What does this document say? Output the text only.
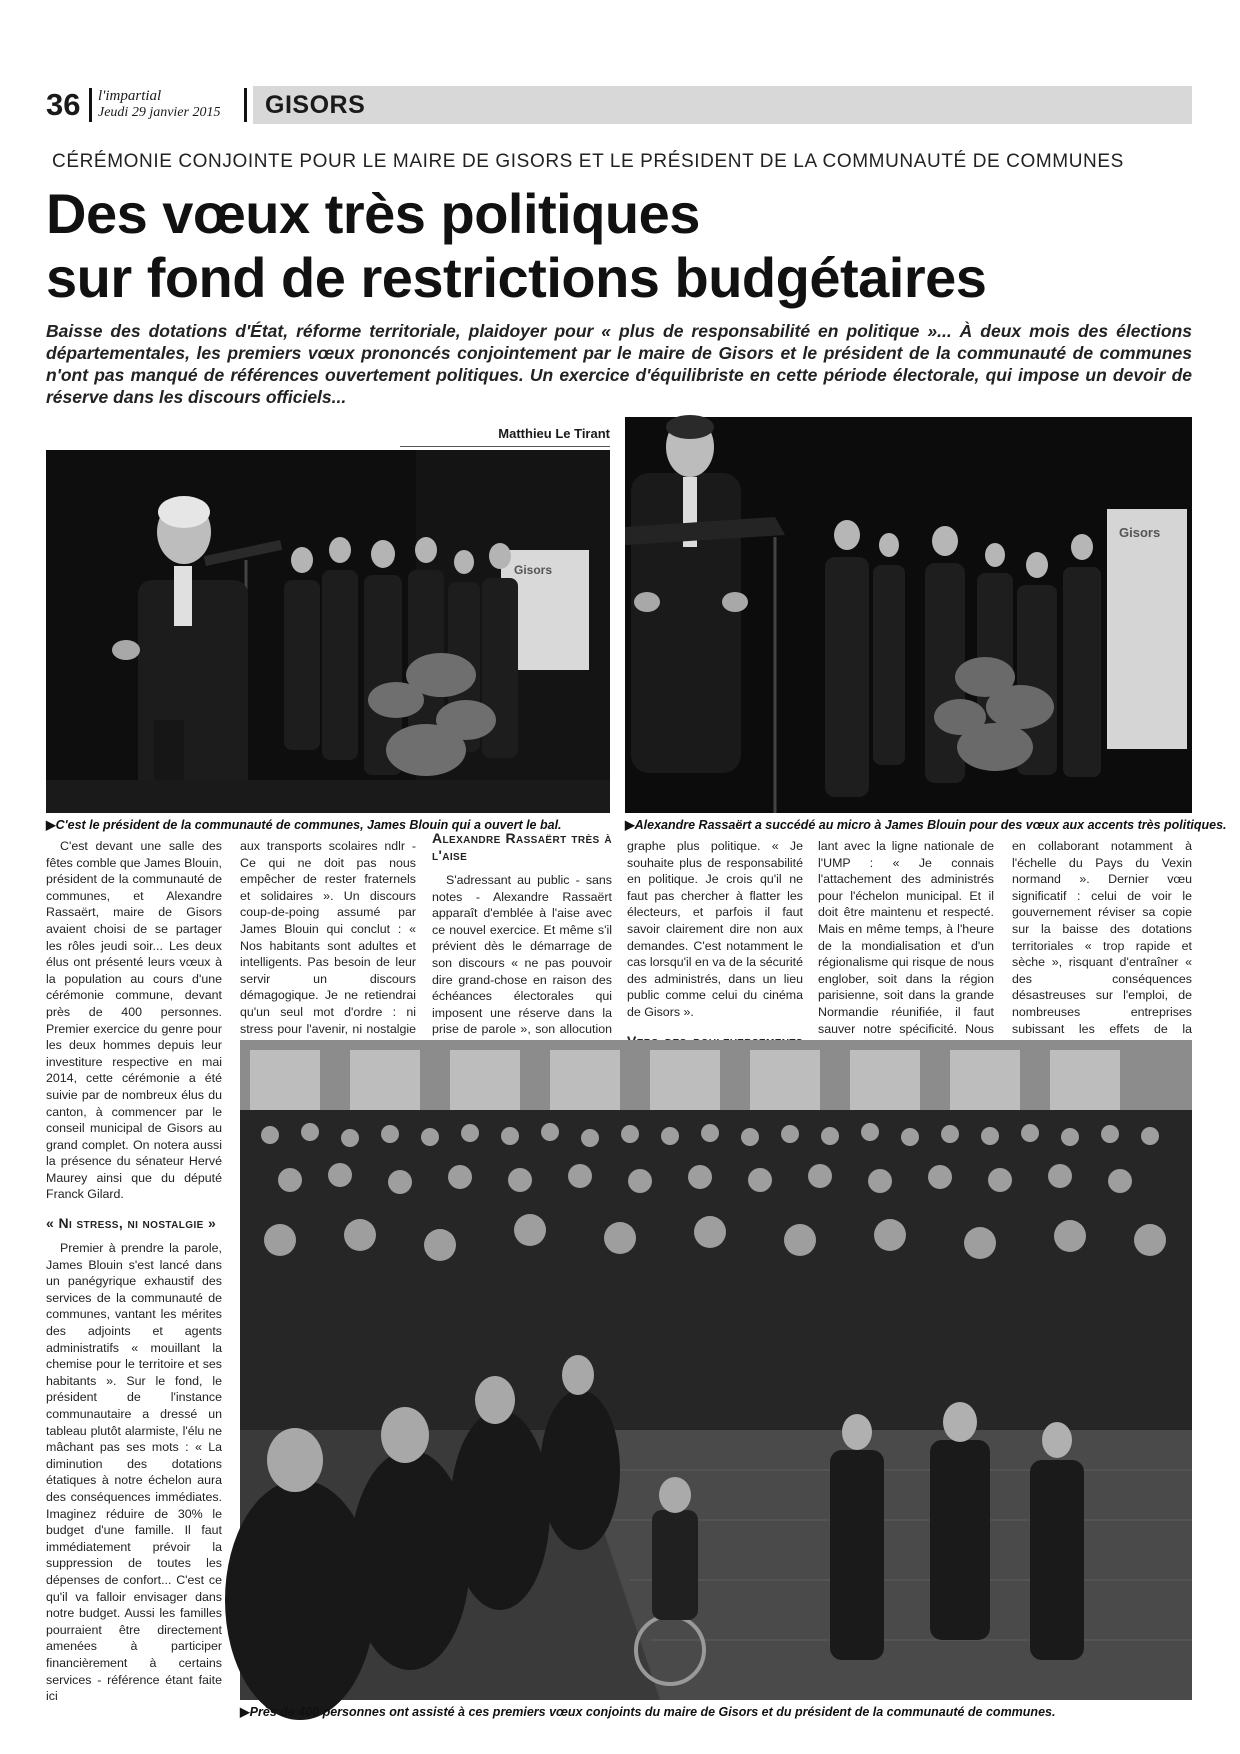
36 l'impartial
Jeudi 29 janvier 2015 GISORS
CÉRÉMONIE CONJOINTE POUR LE MAIRE DE GISORS ET LE PRÉSIDENT DE LA COMMUNAUTÉ DE COMMUNES
Des vœux très politiques
sur fond de restrictions budgétaires
Baisse des dotations d'État, réforme territoriale, plaidoyer pour « plus de responsabilité en politique »... À deux mois des élections départementales, les premiers vœux prononcés conjointement par le maire de Gisors et le président de la communauté de communes n'ont pas manqué de références ouvertement politiques. Un exercice d'équilibriste en cette période électorale, qui impose un devoir de réserve dans les discours officiels...
Matthieu Le Tirant
Gisors
▶C'est le président de la communauté de communes, James Blouin qui a ouvert le bal.
Gisors
▶Alexandre Rassaërt a succédé au micro à James Blouin pour des vœux aux accents très politiques.

C'est devant une salle des fêtes comble que James Blouin, président de la communauté de communes, et Alexandre Rassaërt, maire de Gisors avaient choisi de se partager les rôles jeudi soir... Les deux élus ont présenté leurs vœux à la population au cours d'une cérémonie commune, devant près de 400 personnes. Premier exercice du genre pour les deux hommes depuis leur investiture respective en mai 2014, cette cérémonie a été suivie par de nombreux élus du canton, à commencer par le conseil municipal de Gisors au grand complet. On notera aussi la présence du sénateur Hervé Maurey ainsi que du député Franck Gilard.

« Ni stress, ni nostalgie »

Premier à prendre la parole, James Blouin s'est lancé dans un panégyrique exhaustif des services de la communauté de communes, vantant les mérites des adjoints et agents administratifs « mouillant la chemise pour le territoire et ses habitants ». Sur le fond, le président de l'instance communautaire a dressé un tableau plutôt alarmiste, l'élu ne mâchant pas ses mots : « La diminution des dotations étatiques à notre échelon aura des conséquences immédiates. Imaginez réduire de 30% le budget d'une famille. Il faut immédiatement prévoir la suppression de toutes les dépenses de confort... C'est ce qu'il va falloir envisager dans notre budget. Aussi les familles pourraient être directement amenées à participer financièrement à certains services - référence étant faite ici

aux transports scolaires ndlr - Ce qui ne doit pas nous empêcher de rester fraternels et solidaires ». Un discours coup-de-poing assumé par James Blouin qui conclut : « Nos habitants sont adultes et intelligents. Pas besoin de leur servir un discours démagogique. Je ne retiendrai qu'un seul mot d'ordre : ni stress pour l'avenir, ni nostalgie

Alexandre Rassaërt très à l'aise

S'adressant au public - sans notes - Alexandre Rassaërt apparaît d'emblée à l'aise avec ce nouvel exercice. Et même s'il prévient dès le démarrage de son discours « ne pas pouvoir dire grand-chose en raison des échéances électorales qui imposent une réserve dans la prise de parole », son allocution

graphe plus politique. « Je souhaite plus de responsabilité en politique. Je crois qu'il ne faut pas chercher à flatter les électeurs, et parfois il faut savoir clairement dire non aux demandes. C'est notamment le cas lorsqu'il en va de la sécurité des administrés, dans un lieu public comme celui du cinéma de Gisors ».

lant avec la ligne nationale de l'UMP : « Je connais l'attachement des administrés pour l'échelon municipal. Et il doit être maintenu et respecté. Mais en même temps, à l'heure de la mondialisation et d'un régionalisme qui risque de nous englober, soit dans la région parisienne, soit dans la grande Normandie réunifiée, il faut sauver notre spécificité. Nous

en collaborant notamment à l'échelle du Pays du Vexin normand ». Dernier vœu significatif : celui de voir le gouvernement réviser sa copie sur la baisse des dotations territoriales « trop rapide et sèche », risquant d'entraîner « des conséquences désastreuses sur l'emploi, de nombreuses entreprises subissant les effets de la

▶Près de 400 personnes ont assisté à ces premiers vœux conjoints du maire de Gisors et du président de la communauté de communes.
